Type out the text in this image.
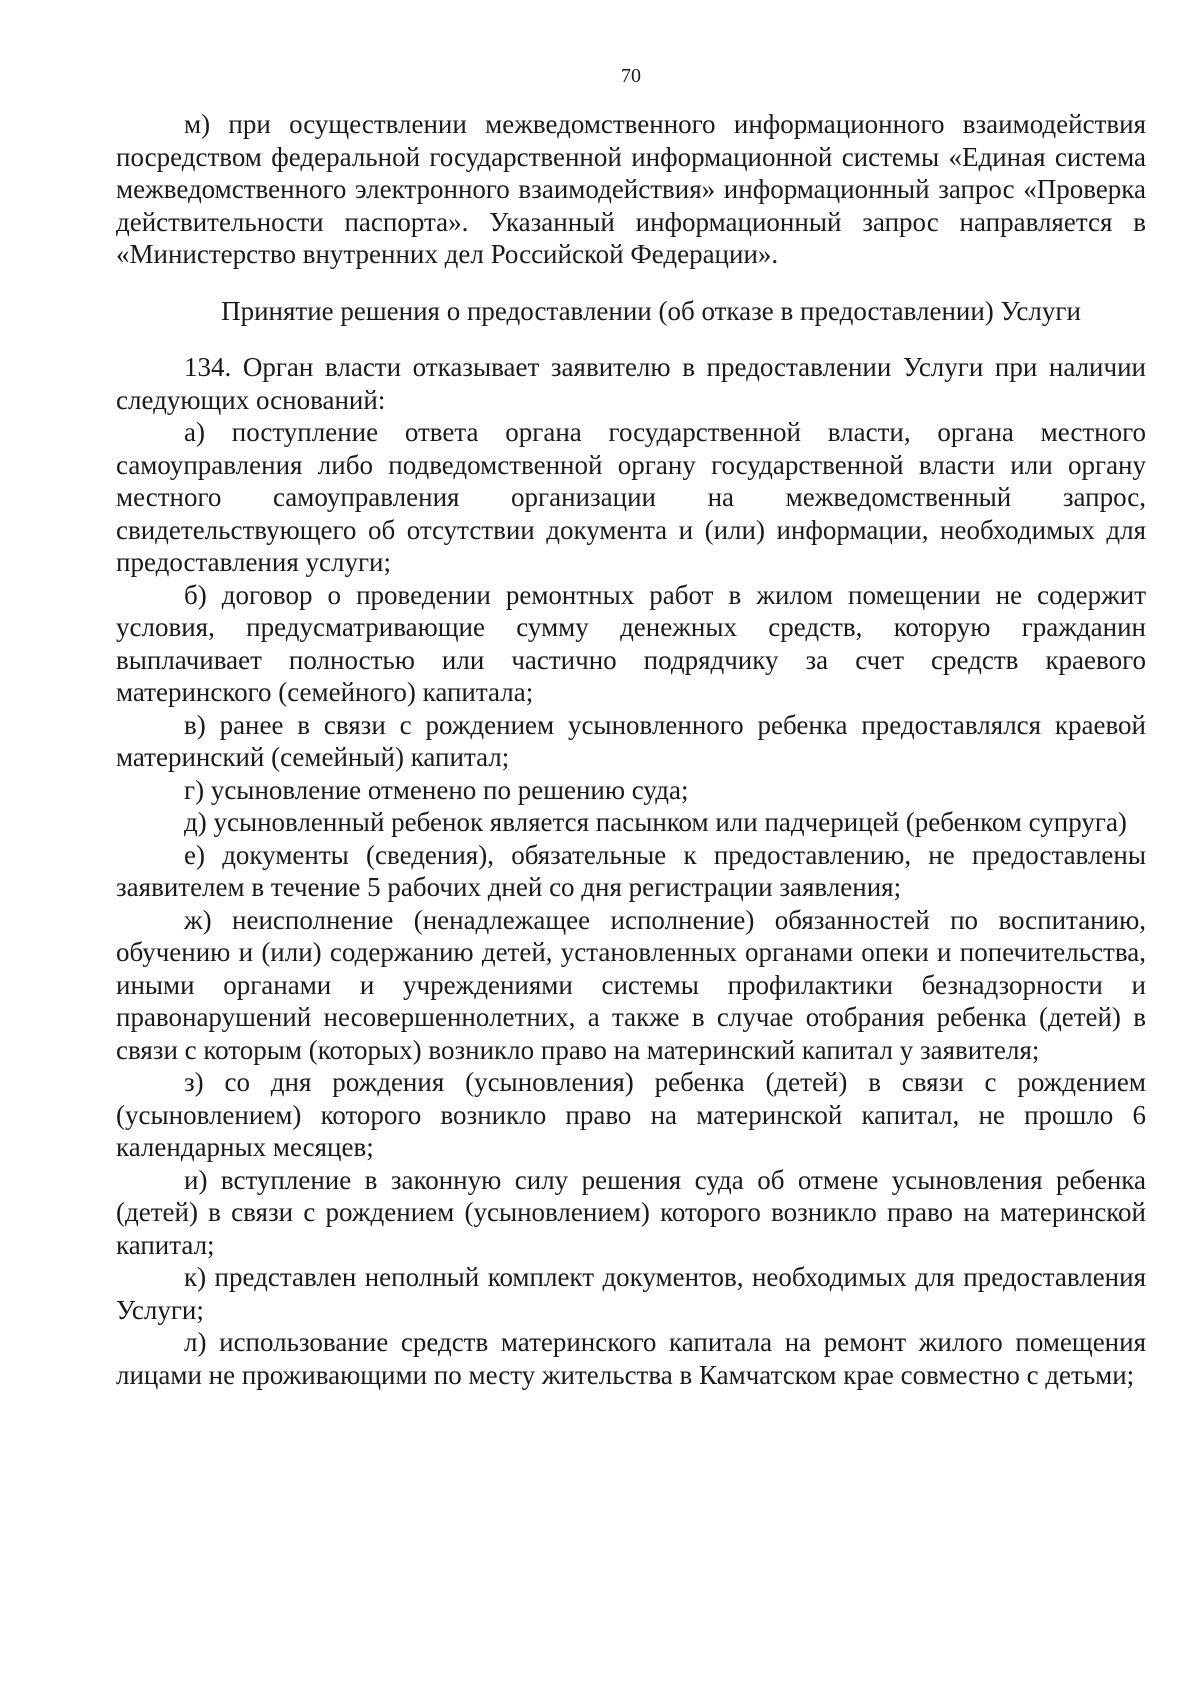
70

м) при осуществлении межведомственного информационного взаимодействия посредством федеральной государственной информационной системы «Единая система межведомственного электронного взаимодействия» информационный запрос «Проверка действительности паспорта». Указанный информационный запрос направляется в «Министерство внутренних дел Российской Федерации».

Принятие решения о предоставлении (об отказе в предоставлении) Услуги

134. Орган власти отказывает заявителю в предоставлении Услуги при наличии следующих оснований:

а) поступление ответа органа государственной власти, органа местного самоуправления либо подведомственной органу государственной власти или органу местного самоуправления организации на межведомственный запрос, свидетельствующего об отсутствии документа и (или) информации, необходимых для предоставления услуги;

б) договор о проведении ремонтных работ в жилом помещении не содержит условия, предусматривающие сумму денежных средств, которую гражданин выплачивает полностью или частично подрядчику за счет средств краевого материнского (семейного) капитала;

в) ранее в связи с рождением усыновленного ребенка предоставлялся краевой материнский (семейный) капитал;

г) усыновление отменено по решению суда;

д) усыновленный ребенок является пасынком или падчерицей (ребенком супруга)

е) документы (сведения), обязательные к предоставлению, не предоставлены заявителем в течение 5 рабочих дней со дня регистрации заявления;

ж) неисполнение (ненадлежащее исполнение) обязанностей по воспитанию, обучению и (или) содержанию детей, установленных органами опеки и попечительства, иными органами и учреждениями системы профилактики безнадзорности и правонарушений несовершеннолетних, а также в случае отобрания ребенка (детей) в связи с которым (которых) возникло право на материнский капитал у заявителя;

з) со дня рождения (усыновления) ребенка (детей) в связи с рождением (усыновлением) которого возникло право на материнской капитал, не прошло 6 календарных месяцев;

и) вступление в законную силу решения суда об отмене усыновления ребенка (детей) в связи с рождением (усыновлением) которого возникло право на материнской капитал;

к) представлен неполный комплект документов, необходимых для предоставления Услуги;

л) использование средств материнского капитала на ремонт жилого помещения лицами не проживающими по месту жительства в Камчатском крае совместно с детьми;
